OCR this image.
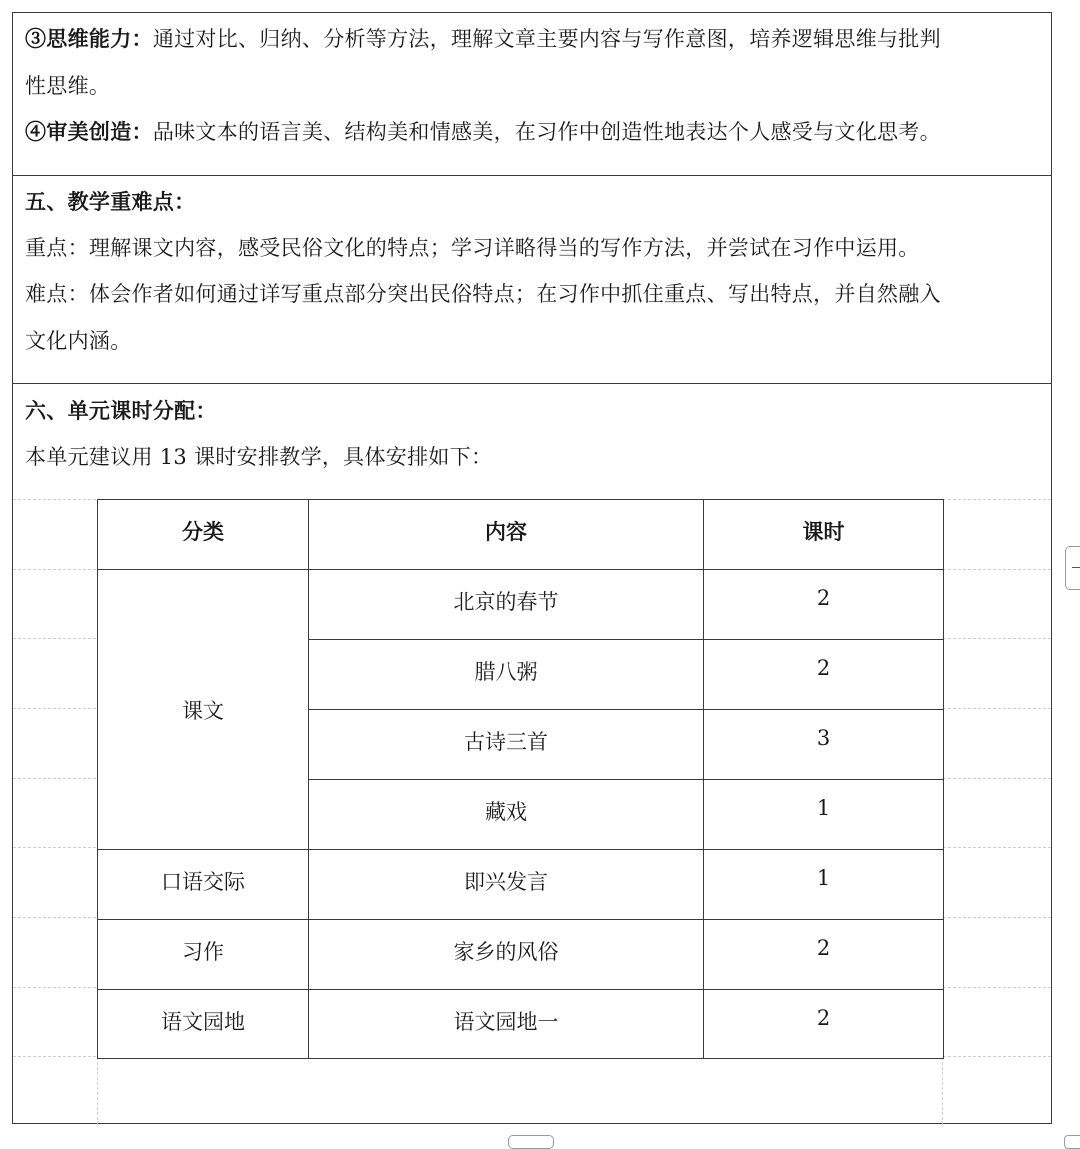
③思维能力：通过对比、归纳、分析等方法，理解文章主要内容与写作意图，培养逻辑思维与批判
性思维。
④审美创造：品味文本的语言美、结构美和情感美，在习作中创造性地表达个人感受与文化思考。
五、教学重难点：
重点：理解课文内容，感受民俗文化的特点；学习详略得当的写作方法，并尝试在习作中运用。
难点：体会作者如何通过详写重点部分突出民俗特点；在习作中抓住重点、写出特点，并自然融入
文化内涵。
六、单元课时分配：
本单元建议用 13 课时安排教学，具体安排如下：
分类	内容	课时
课文	北京的春节	2
	腊八粥	2
	古诗三首	3
	藏戏	1
口语交际	即兴发言	1
习作	家乡的风俗	2
语文园地	语文园地一	2
